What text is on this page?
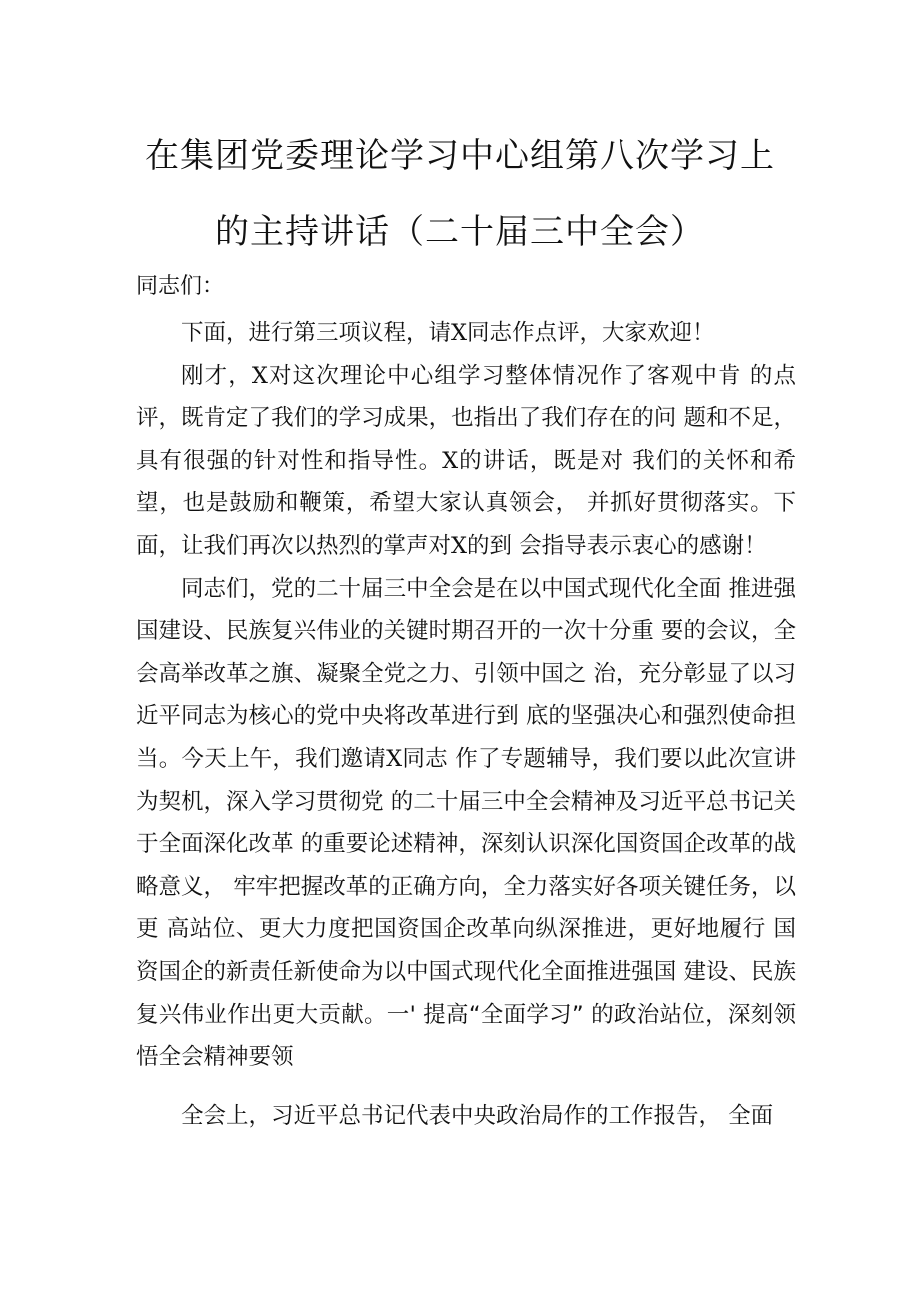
在集团党委理论学习中心组第八次学习上
的主持讲话（二十届三中全会）
同志们：

下面，进行第三项议程，请X同志作点评，大家欢迎！

刚才，X对这次理论中心组学习整体情况作了客观中肯 的点评，既肯定了我们的学习成果，也指出了我们存在的问 题和不足，具有很强的针对性和指导性。X的讲话，既是对 我们的关怀和希望，也是鼓励和鞭策，希望大家认真领会， 并抓好贯彻落实。下面，让我们再次以热烈的掌声对X的到 会指导表示衷心的感谢！

同志们，党的二十届三中全会是在以中国式现代化全面 推进强国建设、民族复兴伟业的关键时期召开的一次十分重 要的会议，全会高举改革之旗、凝聚全党之力、引领中国之 治，充分彰显了以习近平同志为核心的党中央将改革进行到 底的坚强决心和强烈使命担当。今天上午，我们邀请X同志 作了专题辅导，我们要以此次宣讲为契机，深入学习贯彻党 的二十届三中全会精神及习近平总书记关于全面深化改革 的重要论述精神，深刻认识深化国资国企改革的战略意义， 牢牢把握改革的正确方向，全力落实好各项关键任务，以更 高站位、更大力度把国资国企改革向纵深推进，更好地履行 国资国企的新责任新使命为以中国式现代化全面推进强国 建设、民族复兴伟业作出更大贡献。一' 提高“全面学习” 的政治站位，深刻领悟全会精神要领

全会上，习近平总书记代表中央政治局作的工作报告， 全面
